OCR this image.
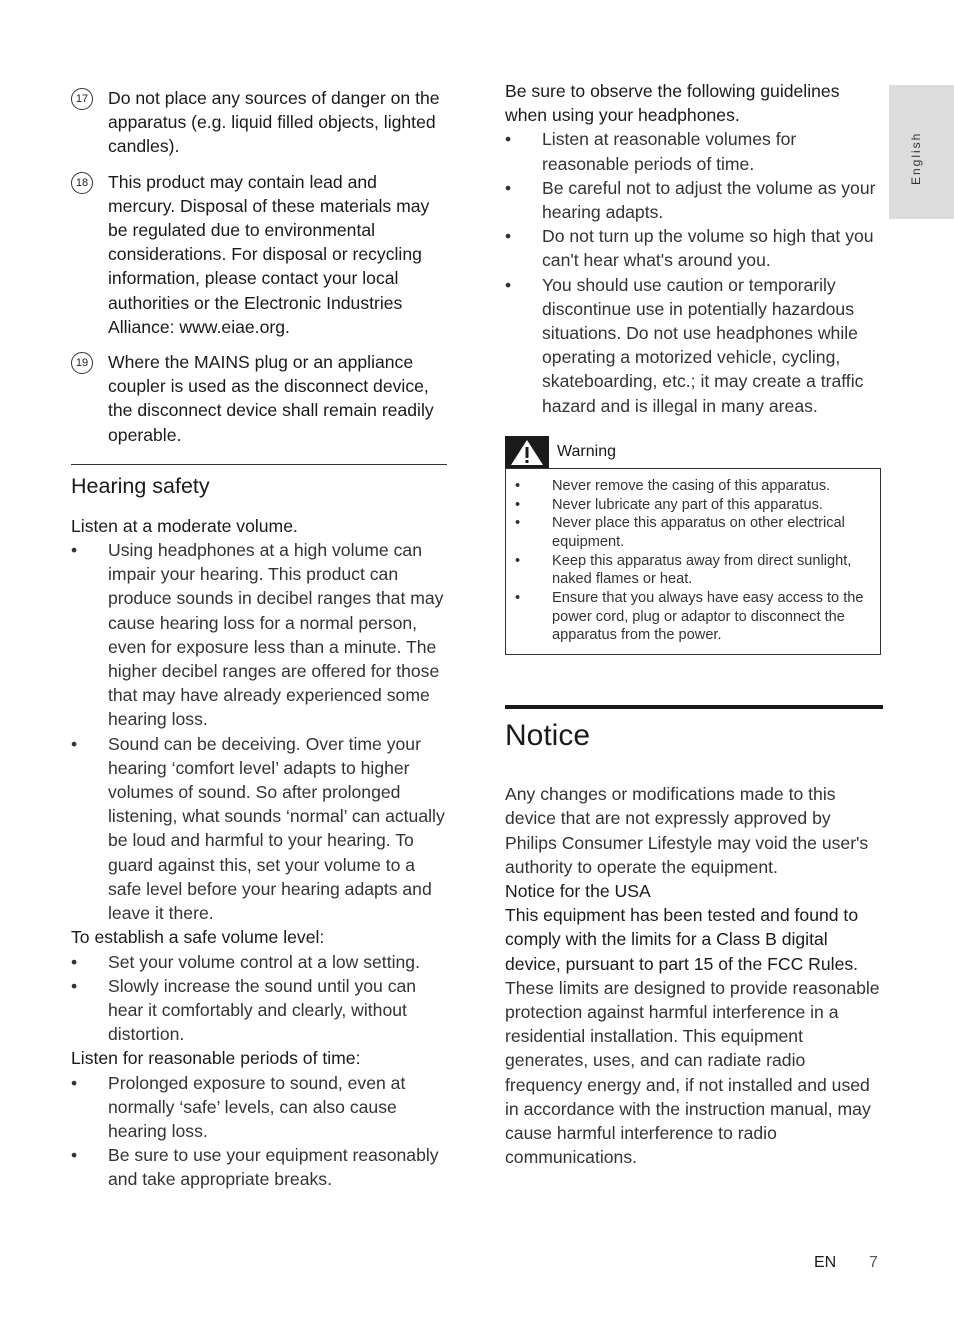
English
17 Do not place any sources of danger on the apparatus (e.g. liquid filled objects, lighted candles).
18 This product may contain lead and mercury. Disposal of these materials may be regulated due to environmental considerations. For disposal or recycling information, please contact your local authorities or the Electronic Industries Alliance: www.eiae.org.
19 Where the MAINS plug or an appliance coupler is used as the disconnect device, the disconnect device shall remain readily operable.
Hearing safety

Listen at a moderate volume.

• Using headphones at a high volume can impair your hearing. This product can produce sounds in decibel ranges that may cause hearing loss for a normal person, even for exposure less than a minute. The higher decibel ranges are offered for those that may have already experienced some hearing loss.
• Sound can be deceiving. Over time your hearing ‘comfort level’ adapts to higher volumes of sound. So after prolonged listening, what sounds ‘normal’ can actually be loud and harmful to your hearing. To guard against this, set your volume to a safe level before your hearing adapts and leave it there.

To establish a safe volume level:

• Set your volume control at a low setting.
• Slowly increase the sound until you can hear it comfortably and clearly, without distortion.

Listen for reasonable periods of time:

• Prolonged exposure to sound, even at normally ‘safe’ levels, can also cause hearing loss.
• Be sure to use your equipment reasonably and take appropriate breaks.

Be sure to observe the following guidelines when using your headphones.

• Listen at reasonable volumes for reasonable periods of time.
• Be careful not to adjust the volume as your hearing adapts.
• Do not turn up the volume so high that you can't hear what's around you.
• You should use caution or temporarily discontinue use in potentially hazardous situations. Do not use headphones while operating a motorized vehicle, cycling, skateboarding, etc.; it may create a traffic hazard and is illegal in many areas.
Warning
• Never remove the casing of this apparatus.
• Never lubricate any part of this apparatus.
• Never place this apparatus on other electrical equipment.
• Keep this apparatus away from direct sunlight, naked flames or heat.
• Ensure that you always have easy access to the power cord, plug or adaptor to disconnect the apparatus from the power.
Notice
Any changes or modifications made to this device that are not expressly approved by Philips Consumer Lifestyle may void the user's authority to operate the equipment.
Notice for the USA
This equipment has been tested and found to comply with the limits for a Class B digital device, pursuant to part 15 of the FCC Rules. These limits are designed to provide reasonable protection against harmful interference in a residential installation. This equipment generates, uses, and can radiate radio frequency energy and, if not installed and used in accordance with the instruction manual, may cause harmful interference to radio communications.
EN 7
